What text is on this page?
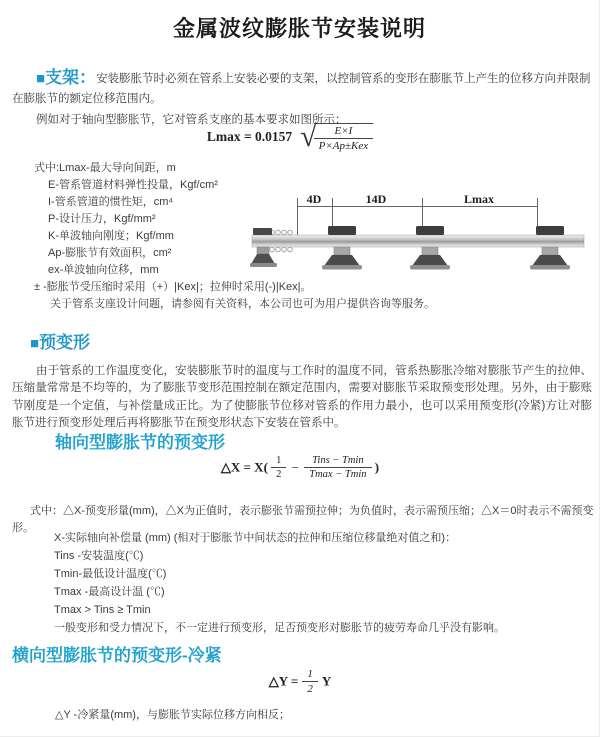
金属波纹膨胀节安装说明

■支架：安装膨胀节时必须在管系上安装必要的支架，以控制管系的变形在膨胀节上产生的位移方向并限制在膨胀节的额定位移范围内。

例如对于轴向型膨胀节，它对管系支座的基本要求如图所示：

Lmax = 0.0157 √
$\frac{E\times I}{\text{P×Ap±Kex}}$
式中:Lmax-最大导向间距，m
E-管系管道材料弹性投量，Kgf/cm²
I-管系管道的惯性矩，cm⁴
P-设计压力，Kgf/mm²
K-单波轴向刚度；Kgf/mm
Ap-膨胀节有效面积，cm²
ex-单波轴向位移，mm
± -膨胀节受压缩时采用（+）|Kex|；拉伸时采用(-)|Kex|。
关于管系支座设计问题，请参阅有关资料，本公司也可为用户提供咨询等服务。
4D	14D	Lmax
■预变形

由于管系的工作温度变化，安装膨胀节时的温度与工作时的温度不同，管系热膨胀冷缩对膨胀节产生的拉伸、压缩量常常是不均等的，为了膨胀节变形范围控制在额定范围内，需要对膨胀节采取预变形处理。另外，由于膨账节刚度是一个定值，与补偿量成正比。为了使膨胀节位移对管系的作用力最小，也可以采用预变形(冷紧)方让对膨胀节进行预变形处理后再将膨胀节在预变形状态下安装在管系中。

轴向型膨胀节的预变形
△X = $X( \frac{1}{2} - \frac{\text{Tins − Tmin}}{Tmax - Tmin}$ )

式中：△X-预变形量(mm)，△X为正值时，表示膨张节需预拉伸；为负值时，表示需预压缩；△X＝0时表示不需预变形。

X-实际轴向补偿量 (mm) (相对于膨胀节中间状态的拉伸和压缩位移量绝对值之和)：
Tins -安装温度(℃)
Tmin-最低设计温度(℃)
Tmax -最高设计温 (℃)
Tmax > Tins ≥ Tmin
一般变形和受力情况下，不一定进行预变形，足否预变形对膨胀节的疲劳寿命几乎没有影响。
横向型膨胀节的预变形-冷紧
△Y = $\frac{1}{2}$ Y
△Y -冷紧量(mm)，与膨胀节实际位移方向相反；
